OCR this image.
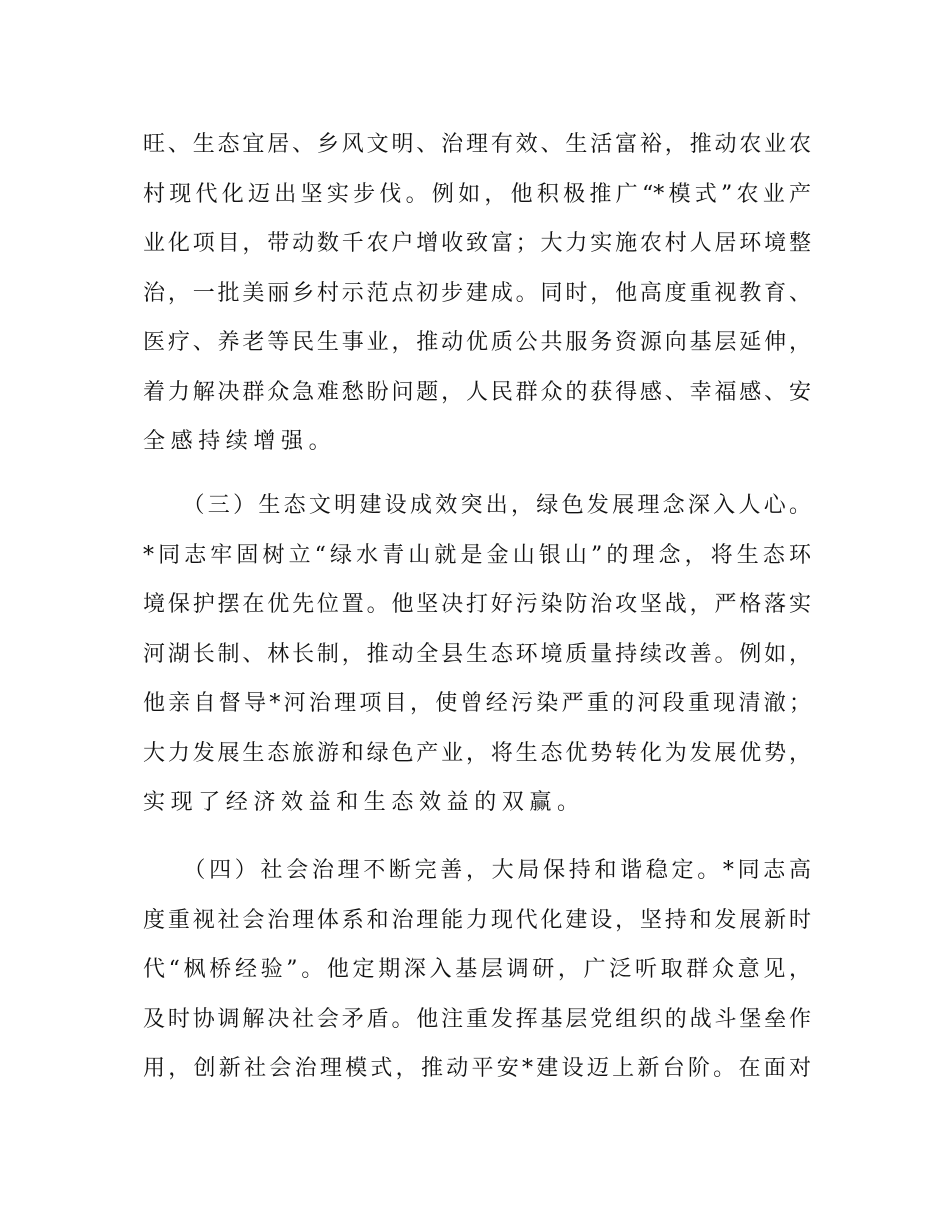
旺、生态宜居、乡风文明、治理有效、生活富裕，推动农业农
村现代化迈出坚实步伐。例如，他积极推广“*模式”农业产
业化项目，带动数千农户增收致富；大力实施农村人居环境整
治，一批美丽乡村示范点初步建成。同时，他高度重视教育、
医疗、养老等民生事业，推动优质公共服务资源向基层延伸，
着力解决群众急难愁盼问题，人民群众的获得感、幸福感、安
全感持续增强。
　　（三）生态文明建设成效突出，绿色发展理念深入人心。
*同志牢固树立“绿水青山就是金山银山”的理念，将生态环
境保护摆在优先位置。他坚决打好污染防治攻坚战，严格落实
河湖长制、林长制，推动全县生态环境质量持续改善。例如，
他亲自督导*河治理项目，使曾经污染严重的河段重现清澈；
大力发展生态旅游和绿色产业，将生态优势转化为发展优势，
实现了经济效益和生态效益的双赢。
　　（四）社会治理不断完善，大局保持和谐稳定。*同志高
度重视社会治理体系和治理能力现代化建设，坚持和发展新时
代“枫桥经验”。他定期深入基层调研，广泛听取群众意见，
及时协调解决社会矛盾。他注重发挥基层党组织的战斗堡垒作
用，创新社会治理模式，推动平安*建设迈上新台阶。在面对
